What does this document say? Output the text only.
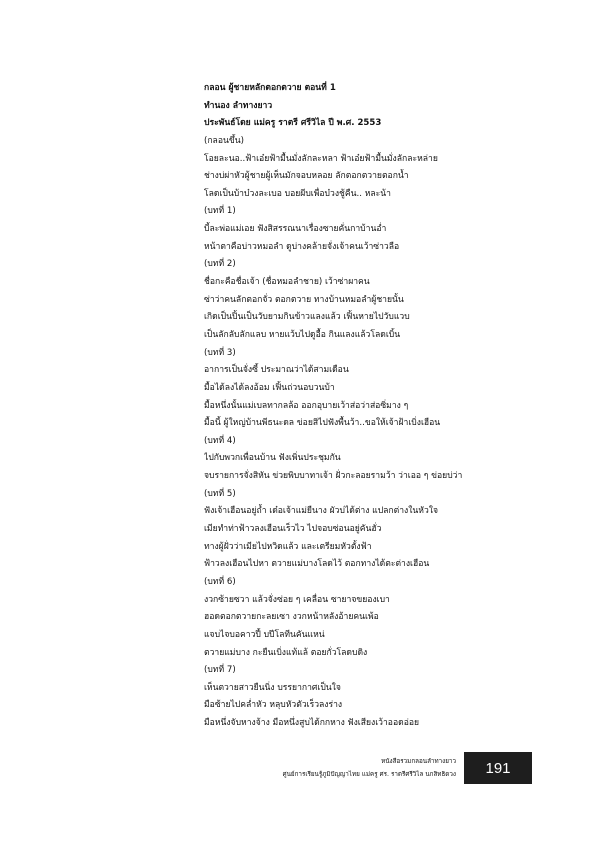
กลอน ผู้ชายหลักตอกตวาย ตอนที่ 1
ทำนอง ลำทางยาว
ประพันธ์โดย แม่ครู ราตรี ศรีวิไล ปี พ.ศ. 2553
(กลอนขึ้น)
โอยละนอ..ฟ้าเอ๋ยฟ้ามื้นมั่งลักละหลา ฟ้าเอ๋ยฟ้ามื้นมั่งลักละหล่าย
ช่างบ่ผ่าหัวผู้ชายผู้เห็นมักจอบหลอย ลักตอกตวายตอกน้ำ
โลดเป็นบ้าบ๋วงละเบอ บอยผีบเพื่อบ๋วงชู้คืน.. หละน้า
(บทที่ 1)
บี้ละพ่อแม่เอย ฟังสิสรรณนาเรื่องซายคั่นกาบ้านอ่ำ
หน้าตาคือบ่าวหมอลำ ดูบ่างคล้ายจั่งเจ้าคนเว้าซ่าวลือ
(บทที่ 2)
ชื่อกะคือชื่อเจ้า (ชื่อหมอลำชาย) เว้าซ่าผาคน
ซ่าว่าคนลักตอกจั่ว ตอกตวาย ทางบ้านหมอลำผู้ชายนั้น
เกิดเป็นปิ้นเป็นวับยามกินข้าวแลงแล้ว เฟิ้นหายไปวับแวบ
เป็นลักลับลักแลบ หายแว้บไปดูอื้อ กินแลงแล้วโลดเบิ้น
(บทที่ 3)
อาการเป็นจั่งซี้ ประมาณว่าได้สามเดือน
มื้อได้ลงได้ลงอ้อม เฟิ้นถ่วนอบวนบ้า
มื้อหนึ่งนั้นแม่เบลทากลล้อ ออกอุบายเว้าส่อว่าส่อซิ่มาง ๆ
มื้อนี้ ผู้ใหญ่บ้านพีธนะดล ข่อยสิไปฟังพื้นว้า..ขอให้เจ้าฝ้าเบิ่งเฮือน
(บทที่ 4)
ไปกับพวกเพื่อนบ้าน ฟังเพิ่นประชุมกัน
จบรายการจั่งสิหัน ข่วยพิบบาทาเจ้า ฝั่วกะลอยรามว้า ว่าเออ ๆ ข่อยบ่ว่า
(บทที่ 5)
ฟังเจ้าเฮือนอยู่ถ้ำ เด๋อเจ้าแม่ยืนาง ผัวบ่ได้ต่าง แปลกต่างในหัวใจ
เมียทำท่าฟ้าวลงเฮือนเร็วไว ไปจอบซ่อนอยู่คันฮั่ว
ทางผู้ฝั่วว่าเมียไปหวิดแล้ว และเตรียมหัวตั้งฟ้า
ฟ้าวลงเฮือนไปหา ตวายแม่บางโลดไว้ ตอกทางได้ตะต่างเฮือน
(บทที่ 6)
งวกซ้ายซวา แล้วจั่งซ่อย ๆ เคลื่อน ซายาจขยองเบา
ฮอดตอกตวายกะลยเซา งวกหน้าหลังอ้ายคนเพ้อ
แจบไจบอคาวปี้ บปีโลทีนคันแหน่
ตวายแม่บาง กะยืนเบิ่งแท้แล้ ตอยกั่วโลดบดิง
(บทที่ 7)
เห็นตวายสาวยืนนิ่ง บรรยากาศเป็นใจ
มือซ้ายไปคล่ำหัว หลุบหัวตัวเร็วลงร่าง
มือหนึ่งจับหางจ้าง มือหนึ่งสูบได้กกหาง ฟังเสียงเว้าออดอ่อย
หนังสือรวมกลอนลำทางยาว
ศูนย์การเรียนรู้ภูมิปัญญาไทย แม่ครู ศร. ราตรีศรีวิไล นกสิทธิดวง 191
